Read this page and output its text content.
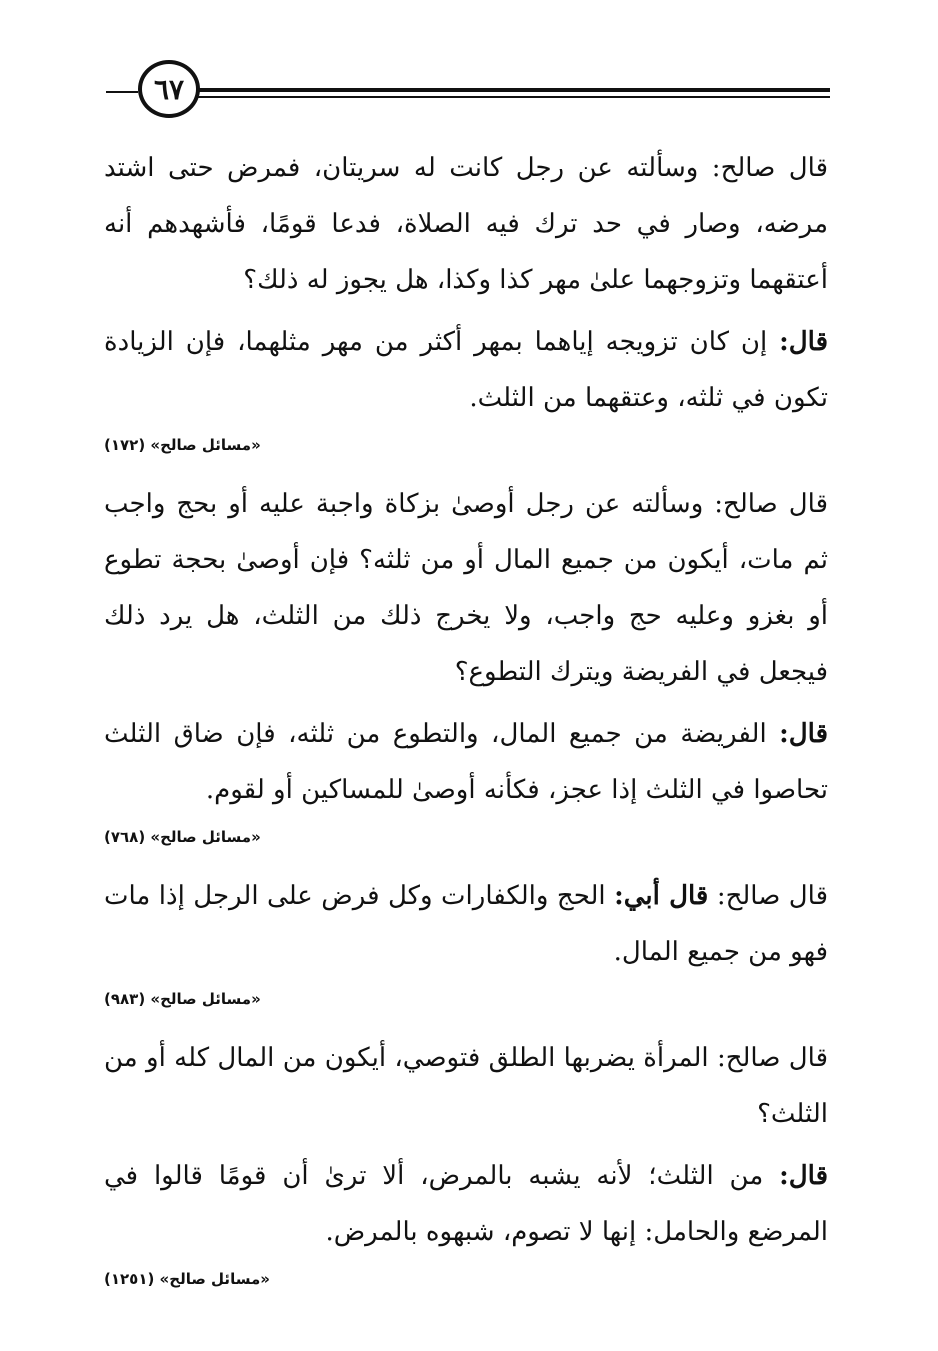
٦٧

قال صالح: وسألته عن رجل كانت له سريتان، فمرض حتى اشتد مرضه، وصار في حد ترك فيه الصلاة، فدعا قومًا، فأشهدهم أنه أعتقهما وتزوجهما علىٰ مهر كذا وكذا، هل يجوز له ذلك؟

قال: إن كان تزويجه إياهما بمهر أكثر من مهر مثلهما، فإن الزيادة تكون في ثلثه، وعتقهما من الثلث.

«مسائل صالح» (١٧٢)

قال صالح: وسألته عن رجل أوصىٰ بزكاة واجبة عليه أو بحج واجب ثم مات، أيكون من جميع المال أو من ثلثه؟ فإن أوصىٰ بحجة تطوع أو بغزو وعليه حج واجب، ولا يخرج ذلك من الثلث، هل يرد ذلك فيجعل في الفريضة ويترك التطوع؟

قال: الفريضة من جميع المال، والتطوع من ثلثه، فإن ضاق الثلث تحاصوا في الثلث إذا عجز، فكأنه أوصىٰ للمساكين أو لقوم.

«مسائل صالح» (٧٦٨)

قال صالح: قال أبي: الحج والكفارات وكل فرض على الرجل إذا مات فهو من جميع المال.

«مسائل صالح» (٩٨٣)

قال صالح: المرأة يضربها الطلق فتوصي، أيكون من المال كله أو من الثلث؟

قال: من الثلث؛ لأنه يشبه بالمرض، ألا ترىٰ أن قومًا قالوا في المرضع والحامل: إنها لا تصوم، شبهوه بالمرض.

«مسائل صالح» (١٢٥١)
